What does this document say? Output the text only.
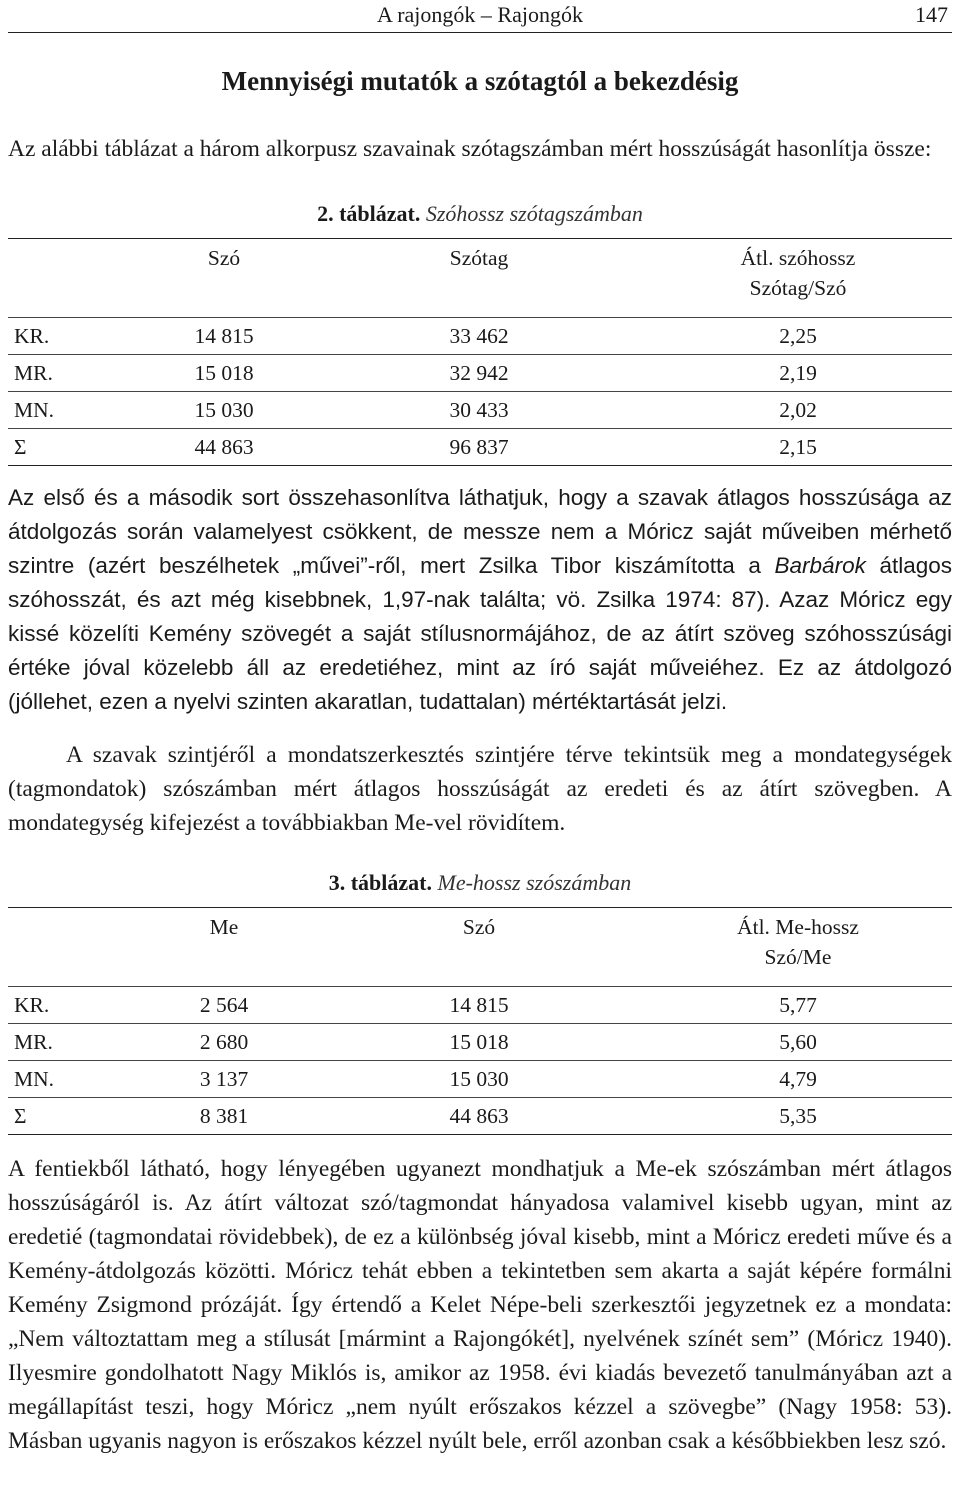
A rajongók – Rajongók	147
Mennyiségi mutatók a szótagtól a bekezdésig

Az alábbi táblázat a három alkorpusz szavainak szótagszámban mért hosszúságát hasonlítja össze:

2. táblázat. Szóhossz szótagszámban
	Szó	Szótag	Átl. szóhossz
Szótag/Szó

KR.	14 815	33 462	2,25
MR.	15 018	32 942	2,19
MN.	15 030	30 433	2,02
Σ	44 863	96 837	2,15

Az első és a második sort összehasonlítva láthatjuk, hogy a szavak átlagos hosszúsága az átdolgozás során valamelyest csökkent, de messze nem a Móricz saját műveiben mérhető szintre (azért beszélhetek „művei”-ről, mert Zsilka Tibor kiszámította a Barbárok átlagos szóhosszát, és azt még kisebbnek, 1,97-nak találta; vö. Zsilka 1974: 87). Azaz Móricz egy kissé közelíti Kemény szövegét a saját stílusnormájához, de az átírt szöveg szóhosszúsági értéke jóval közelebb áll az eredetiéhez, mint az író saját műveiéhez. Ez az átdolgozó (jóllehet, ezen a nyelvi szinten akaratlan, tudattalan) mértéktartását jelzi.

A szavak szintjéről a mondatszerkesztés szintjére térve tekintsük meg a mondategységek (tagmondatok) szószámban mért átlagos hosszúságát az eredeti és az átírt szövegben. A mondategység kifejezést a továbbiakban Me-vel rövidítem.

3. táblázat. Me-hossz szószámban
	Me	Szó	Átl. Me-hossz
Szó/Me

KR.	2 564	14 815	5,77
MR.	2 680	15 018	5,60
MN.	3 137	15 030	4,79
Σ	8 381	44 863	5,35

A fentiekből látható, hogy lényegében ugyanezt mondhatjuk a Me-ek szószámban mért átlagos hosszúságáról is. Az átírt változat szó/tagmondat hányadosa valamivel kisebb ugyan, mint az eredetié (tagmondatai rövidebbek), de ez a különbség jóval kisebb, mint a Móricz eredeti műve és a Kemény-átdolgozás közötti. Móricz tehát ebben a tekintetben sem akarta a saját képére formálni Kemény Zsigmond prózáját. Így értendő a Kelet Népe-beli szerkesztői jegyzetnek ez a mondata: „Nem változtattam meg a stílusát [mármint a Rajongókét], nyelvének színét sem” (Móricz 1940). Ilyesmire gondolhatott Nagy Miklós is, amikor az 1958. évi kiadás bevezető tanulmányában azt a megállapítást teszi, hogy Móricz „nem nyúlt erőszakos kézzel a szövegbe” (Nagy 1958: 53). Másban ugyanis nagyon is erőszakos kézzel nyúlt bele, erről azonban csak a későbbiekben lesz szó.
